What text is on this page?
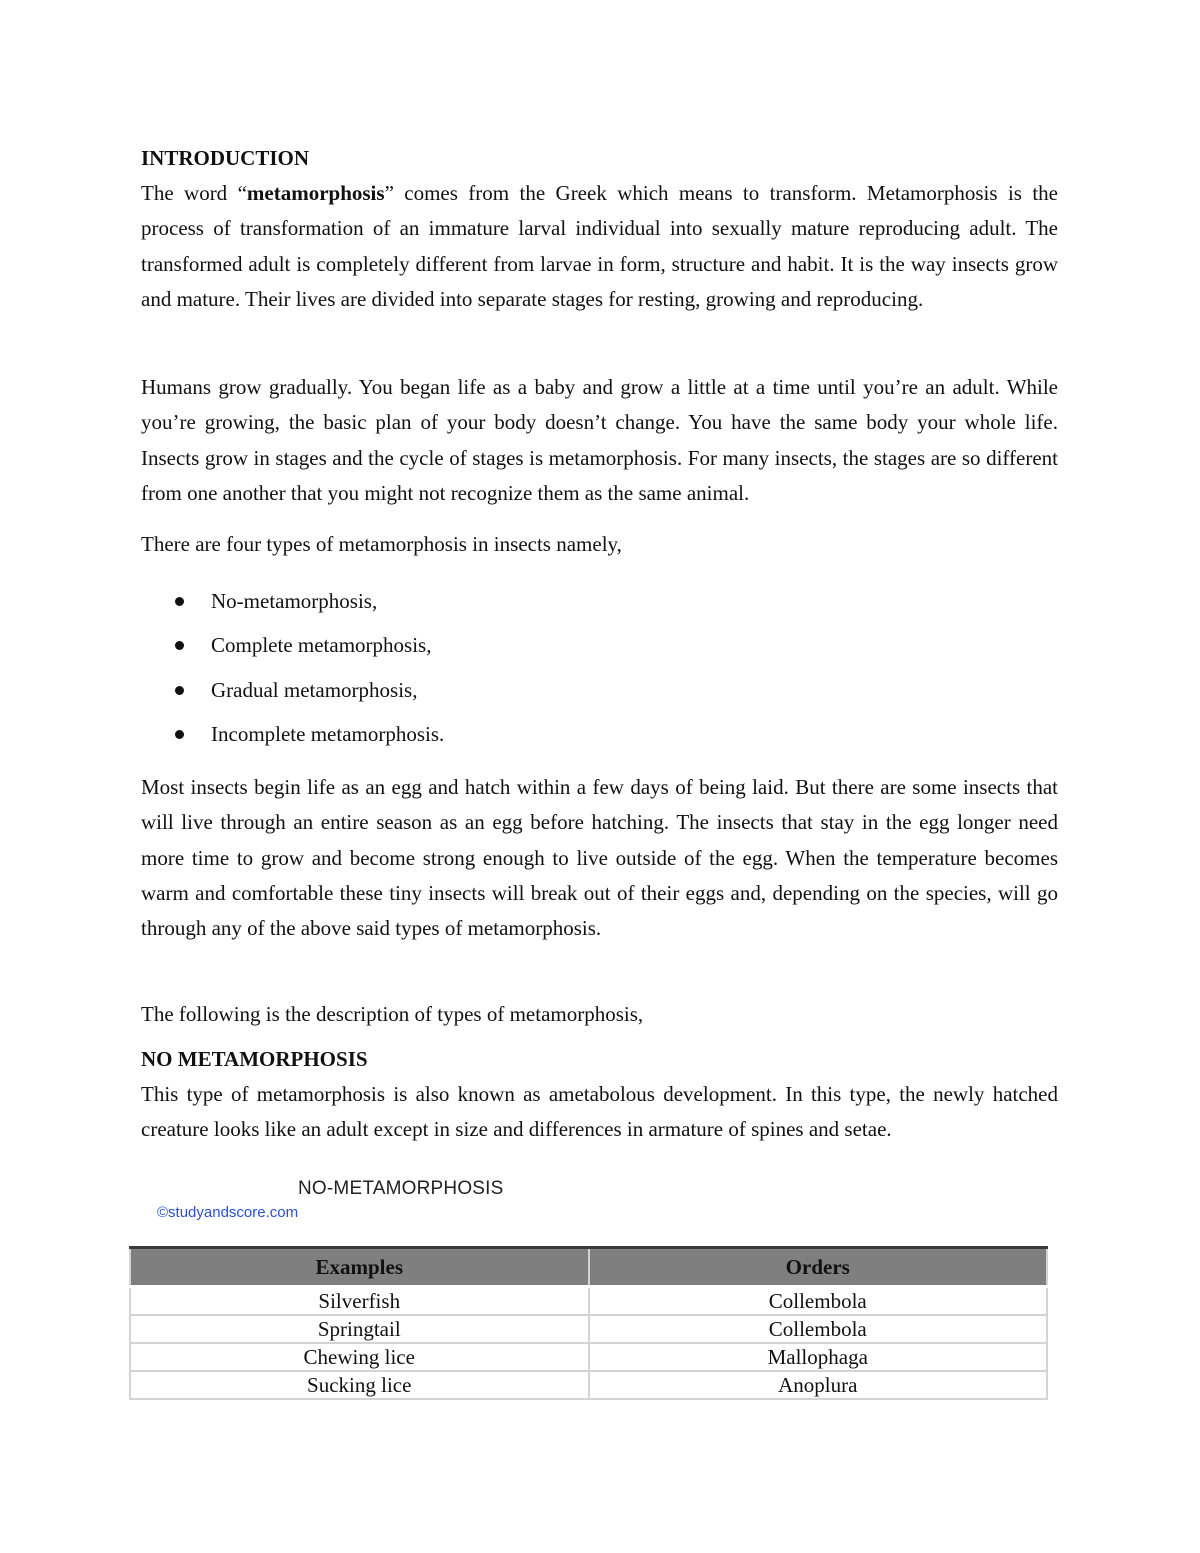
INTRODUCTION

The word “metamorphosis” comes from the Greek which means to transform. Metamorphosis is the process of transformation of an immature larval individual into sexually mature reproducing adult. The transformed adult is completely different from larvae in form, structure and habit. It is the way insects grow and mature. Their lives are divided into separate stages for resting, growing and reproducing.

Humans grow gradually. You began life as a baby and grow a little at a time until you’re an adult. While you’re growing, the basic plan of your body doesn’t change. You have the same body your whole life. Insects grow in stages and the cycle of stages is metamorphosis. For many insects, the stages are so different from one another that you might not recognize them as the same animal.

There are four types of metamorphosis in insects namely,

No-metamorphosis,
Complete metamorphosis,
Gradual metamorphosis,
Incomplete metamorphosis.

Most insects begin life as an egg and hatch within a few days of being laid. But there are some insects that will live through an entire season as an egg before hatching. The insects that stay in the egg longer need more time to grow and become strong enough to live outside of the egg. When the temperature becomes warm and comfortable these tiny insects will break out of their eggs and, depending on the species, will go through any of the above said types of metamorphosis.

The following is the description of types of metamorphosis,

NO METAMORPHOSIS

This type of metamorphosis is also known as ametabolous development. In this type, the newly hatched creature looks like an adult except in size and differences in armature of spines and setae.

NO-METAMORPHOSIS
©studyandscore.com
Examples	Orders
Silverfish	Collembola
Springtail	Collembola
Chewing lice	Mallophaga
Sucking lice	Anoplura
